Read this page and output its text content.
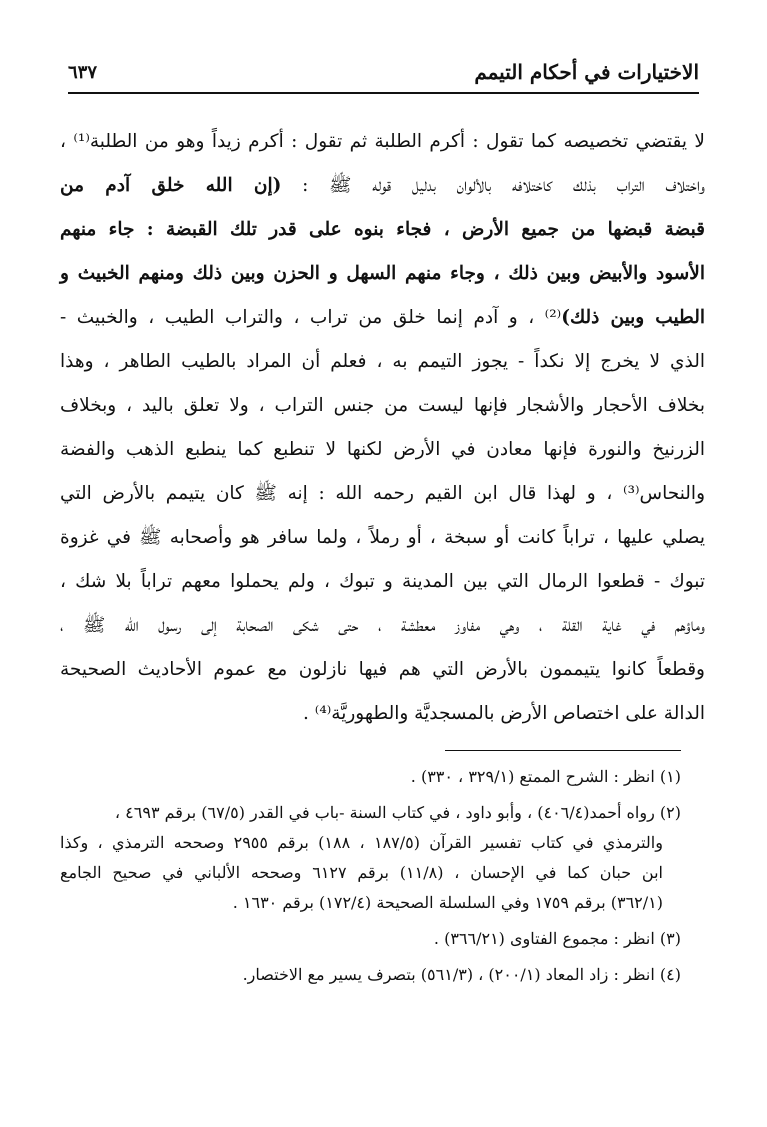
الاختيارات في أحكام التيمم
٦٣٧
لا يقتضي تخصيصه كما تقول : أكرم الطلبة ثم تقول : أكرم زيداً وهو من الطلبة⁽¹⁾ ،
واختلاف التراب بذلك كاختلافه بالألوان بدليل قوله ﷺ : (إن الله خلق آدم من
قبضة قبضها من جميع الأرض ، فجاء بنوه على قدر تلك القبضة : جاء منهم
الأسود والأبيض وبين ذلك ، وجاء منهم السهل و الحزن وبين ذلك ومنهم الخبيث و
الطيب وبين ذلك)⁽²⁾ ، و آدم إنما خلق من تراب ، والتراب الطيب ، والخبيث -
الذي لا يخرج إلا نكداً - يجوز التيمم به ، فعلم أن المراد بالطيب الطاهر ، وهذا
بخلاف الأحجار والأشجار فإنها ليست من جنس التراب ، ولا تعلق باليد ، وبخلاف
الزرنيخ والنورة فإنها معادن في الأرض لكنها لا تنطبع كما ينطبع الذهب والفضة
والنحاس⁽³⁾ ، و لهذا قال ابن القيم رحمه الله : إنه ﷺ كان يتيمم بالأرض التي
يصلي عليها ، تراباً كانت أو سبخة ، أو رملاً ، ولما سافر هو وأصحابه ﷺ في غزوة
تبوك - قطعوا الرمال التي بين المدينة و تبوك ، ولم يحملوا معهم تراباً بلا شك ،
وماؤهم في غاية القلة ، وهي مفاوز معطشة ، حتى شكى الصحابة إلى رسول الله ﷺ ،
وقطعاً كانوا يتيممون بالأرض التي هم فيها نازلون مع عموم الأحاديث الصحيحة
الدالة على اختصاص الأرض بالمسجديَّة والطهوريَّة⁽⁴⁾ .
(١) انظر : الشرح الممتع (٣٢٩/١ ، ٣٣٠) .
(٢) رواه أحمد(٤٠٦/٤) ، وأبو داود ، في كتاب السنة -باب في القدر (٦٧/٥) برقم ٤٦٩٣ ،
والترمذي في كتاب تفسير القرآن (١٨٧/٥ ، ١٨٨) برقم ٢٩٥٥ وصححه الترمذي ، وكذا
ابن حبان كما في الإحسان ، (١١/٨) برقم ٦١٢٧ وصححه الألباني في صحيح الجامع
(٣٦٢/١) برقم ١٧٥٩ وفي السلسلة الصحيحة (١٧٢/٤) برقم ١٦٣٠ .
(٣) انظر : مجموع الفتاوى (٣٦٦/٢١) .
(٤) انظر : زاد المعاد (٢٠٠/١) ، (٥٦١/٣) بتصرف يسير مع الاختصار.
